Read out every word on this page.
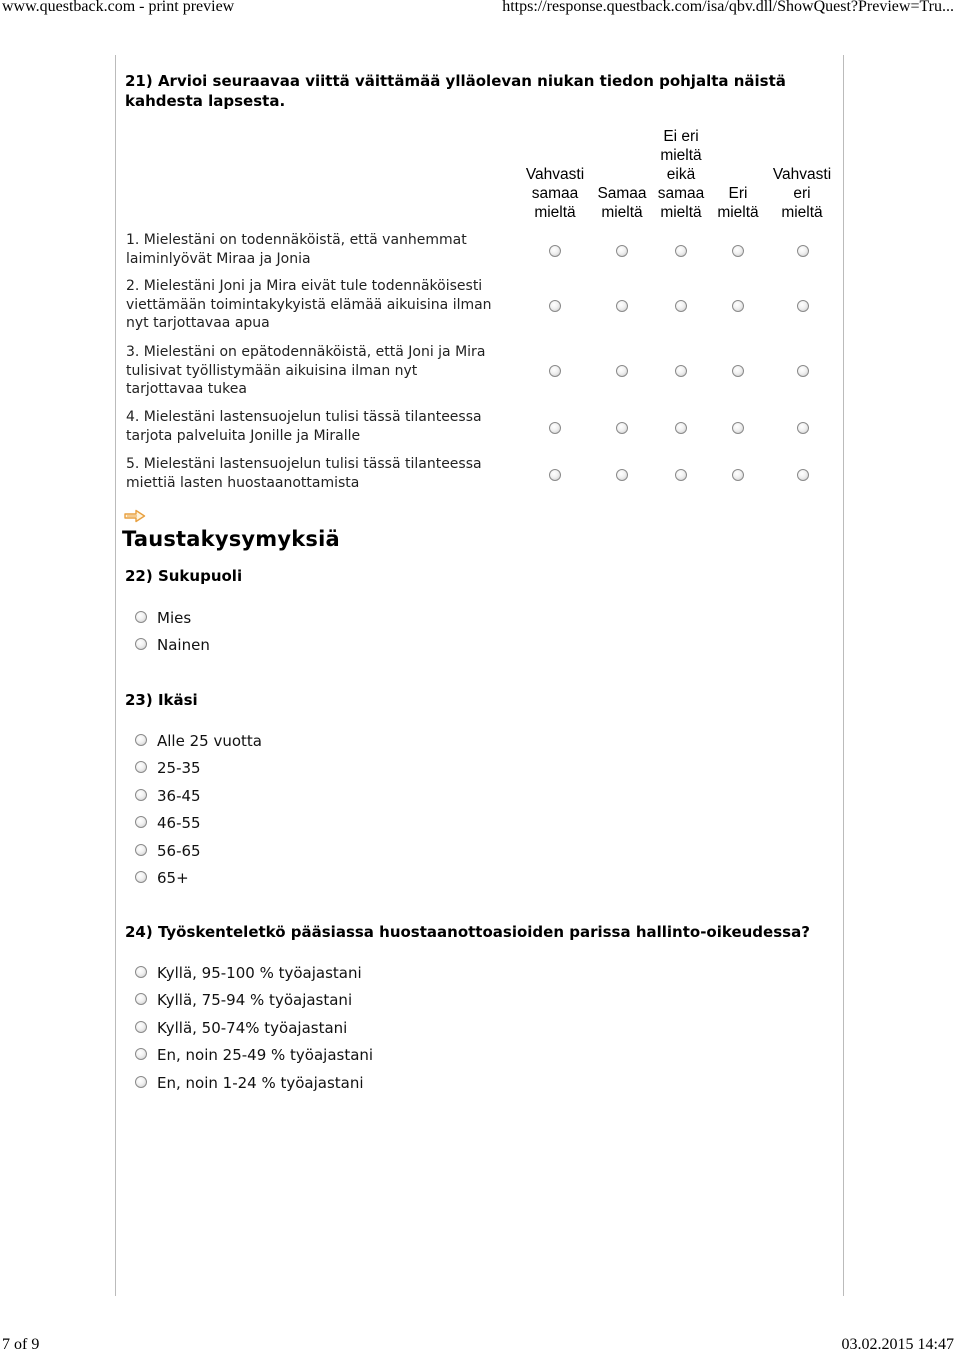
www.questback.com - print preview	https://response.questback.com/isa/qbv.dll/ShowQuest?Preview=Tru...
21) Arvioi seuraavaa viittä väittämää ylläolevan niukan tiedon pohjalta näistä
kahdesta lapsesta.
Vahvasti
samaa
mieltä
Samaa
mieltä
Ei eri
mieltä
eikä
samaa
mieltä
Eri
mieltä
Vahvasti
eri
mieltä
1. Mielestäni on todennäköistä, että vanhemmat
laiminlyövät Miraa ja Jonia
2. Mielestäni Joni ja Mira eivät tule todennäköisesti
viettämään toimintakykyistä elämää aikuisina ilman
nyt tarjottavaa apua
3. Mielestäni on epätodennäköistä, että Joni ja Mira
tulisivat työllistymään aikuisina ilman nyt
tarjottavaa tukea
4. Mielestäni lastensuojelun tulisi tässä tilanteessa
tarjota palveluita Jonille ja Miralle
5. Mielestäni lastensuojelun tulisi tässä tilanteessa
miettiä lasten huostaanottamista
Taustakysymyksiä
22) Sukupuoli
Mies
Nainen
23) Ikäsi
Alle 25 vuotta
25-35
36-45
46-55
56-65
65+
24) Työskenteletkö pääsiassa huostaanottoasioiden parissa hallinto-oikeudessa?
Kyllä, 95-100 % työajastani
Kyllä, 75-94 % työajastani
Kyllä, 50-74% työajastani
En, noin 25-49 % työajastani
En, noin 1-24 % työajastani
7 of 9	03.02.2015 14:47
